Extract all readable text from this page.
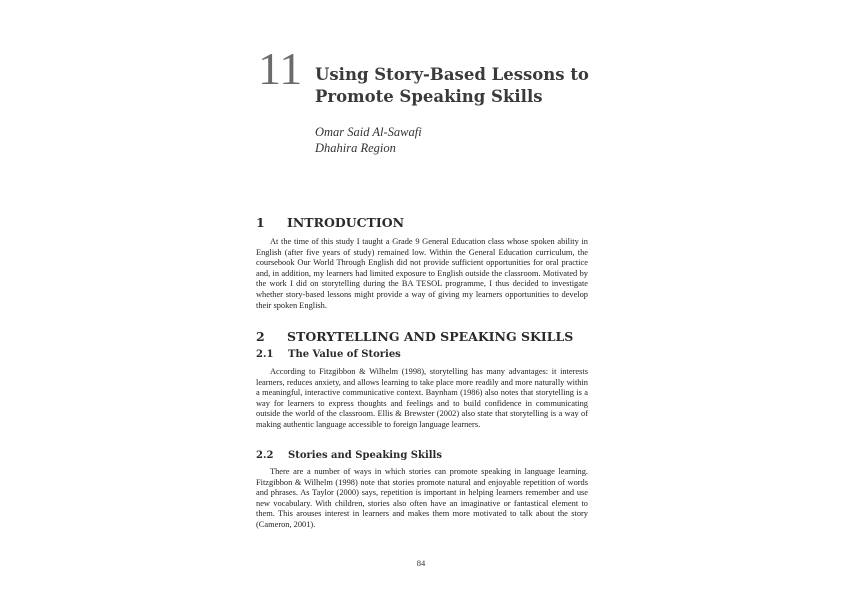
11 Using Story-Based Lessons to
Promote Speaking Skills
Omar Said Al-Sawafi
Dhahira Region
1 INTRODUCTION
At the time of this study I taught a Grade 9 General Education class whose spoken ability in English (after five years of study) remained low. Within the General Education curriculum, the coursebook Our World Through English did not provide sufficient opportunities for oral practice and, in addition, my learners had limited exposure to English outside the classroom. Motivated by the work I did on storytelling during the BA TESOL programme, I thus decided to investigate whether story-based lessons might provide a way of giving my learners opportunities to develop their spoken English.
2 STORYTELLING AND SPEAKING SKILLS
2.1 The Value of Stories
According to Fitzgibbon & Wilhelm (1998), storytelling has many advantages: it interests learners, reduces anxiety, and allows learning to take place more readily and more naturally within a meaningful, interactive communicative context. Baynham (1986) also notes that storytelling is a way for learners to express thoughts and feelings and to build confidence in communicating outside the world of the classroom. Ellis & Brewster (2002) also state that storytelling is a way of making authentic language accessible to foreign language learners.
2.2 Stories and Speaking Skills
There are a number of ways in which stories can promote speaking in language learning. Fitzgibbon & Wilhelm (1998) note that stories promote natural and enjoyable repetition of words and phrases. As Taylor (2000) says, repetition is important in helping learners remember and use new vocabulary. With children, stories also often have an imaginative or fantastical element to them. This arouses interest in learners and makes them more motivated to talk about the story (Cameron, 2001).
84
